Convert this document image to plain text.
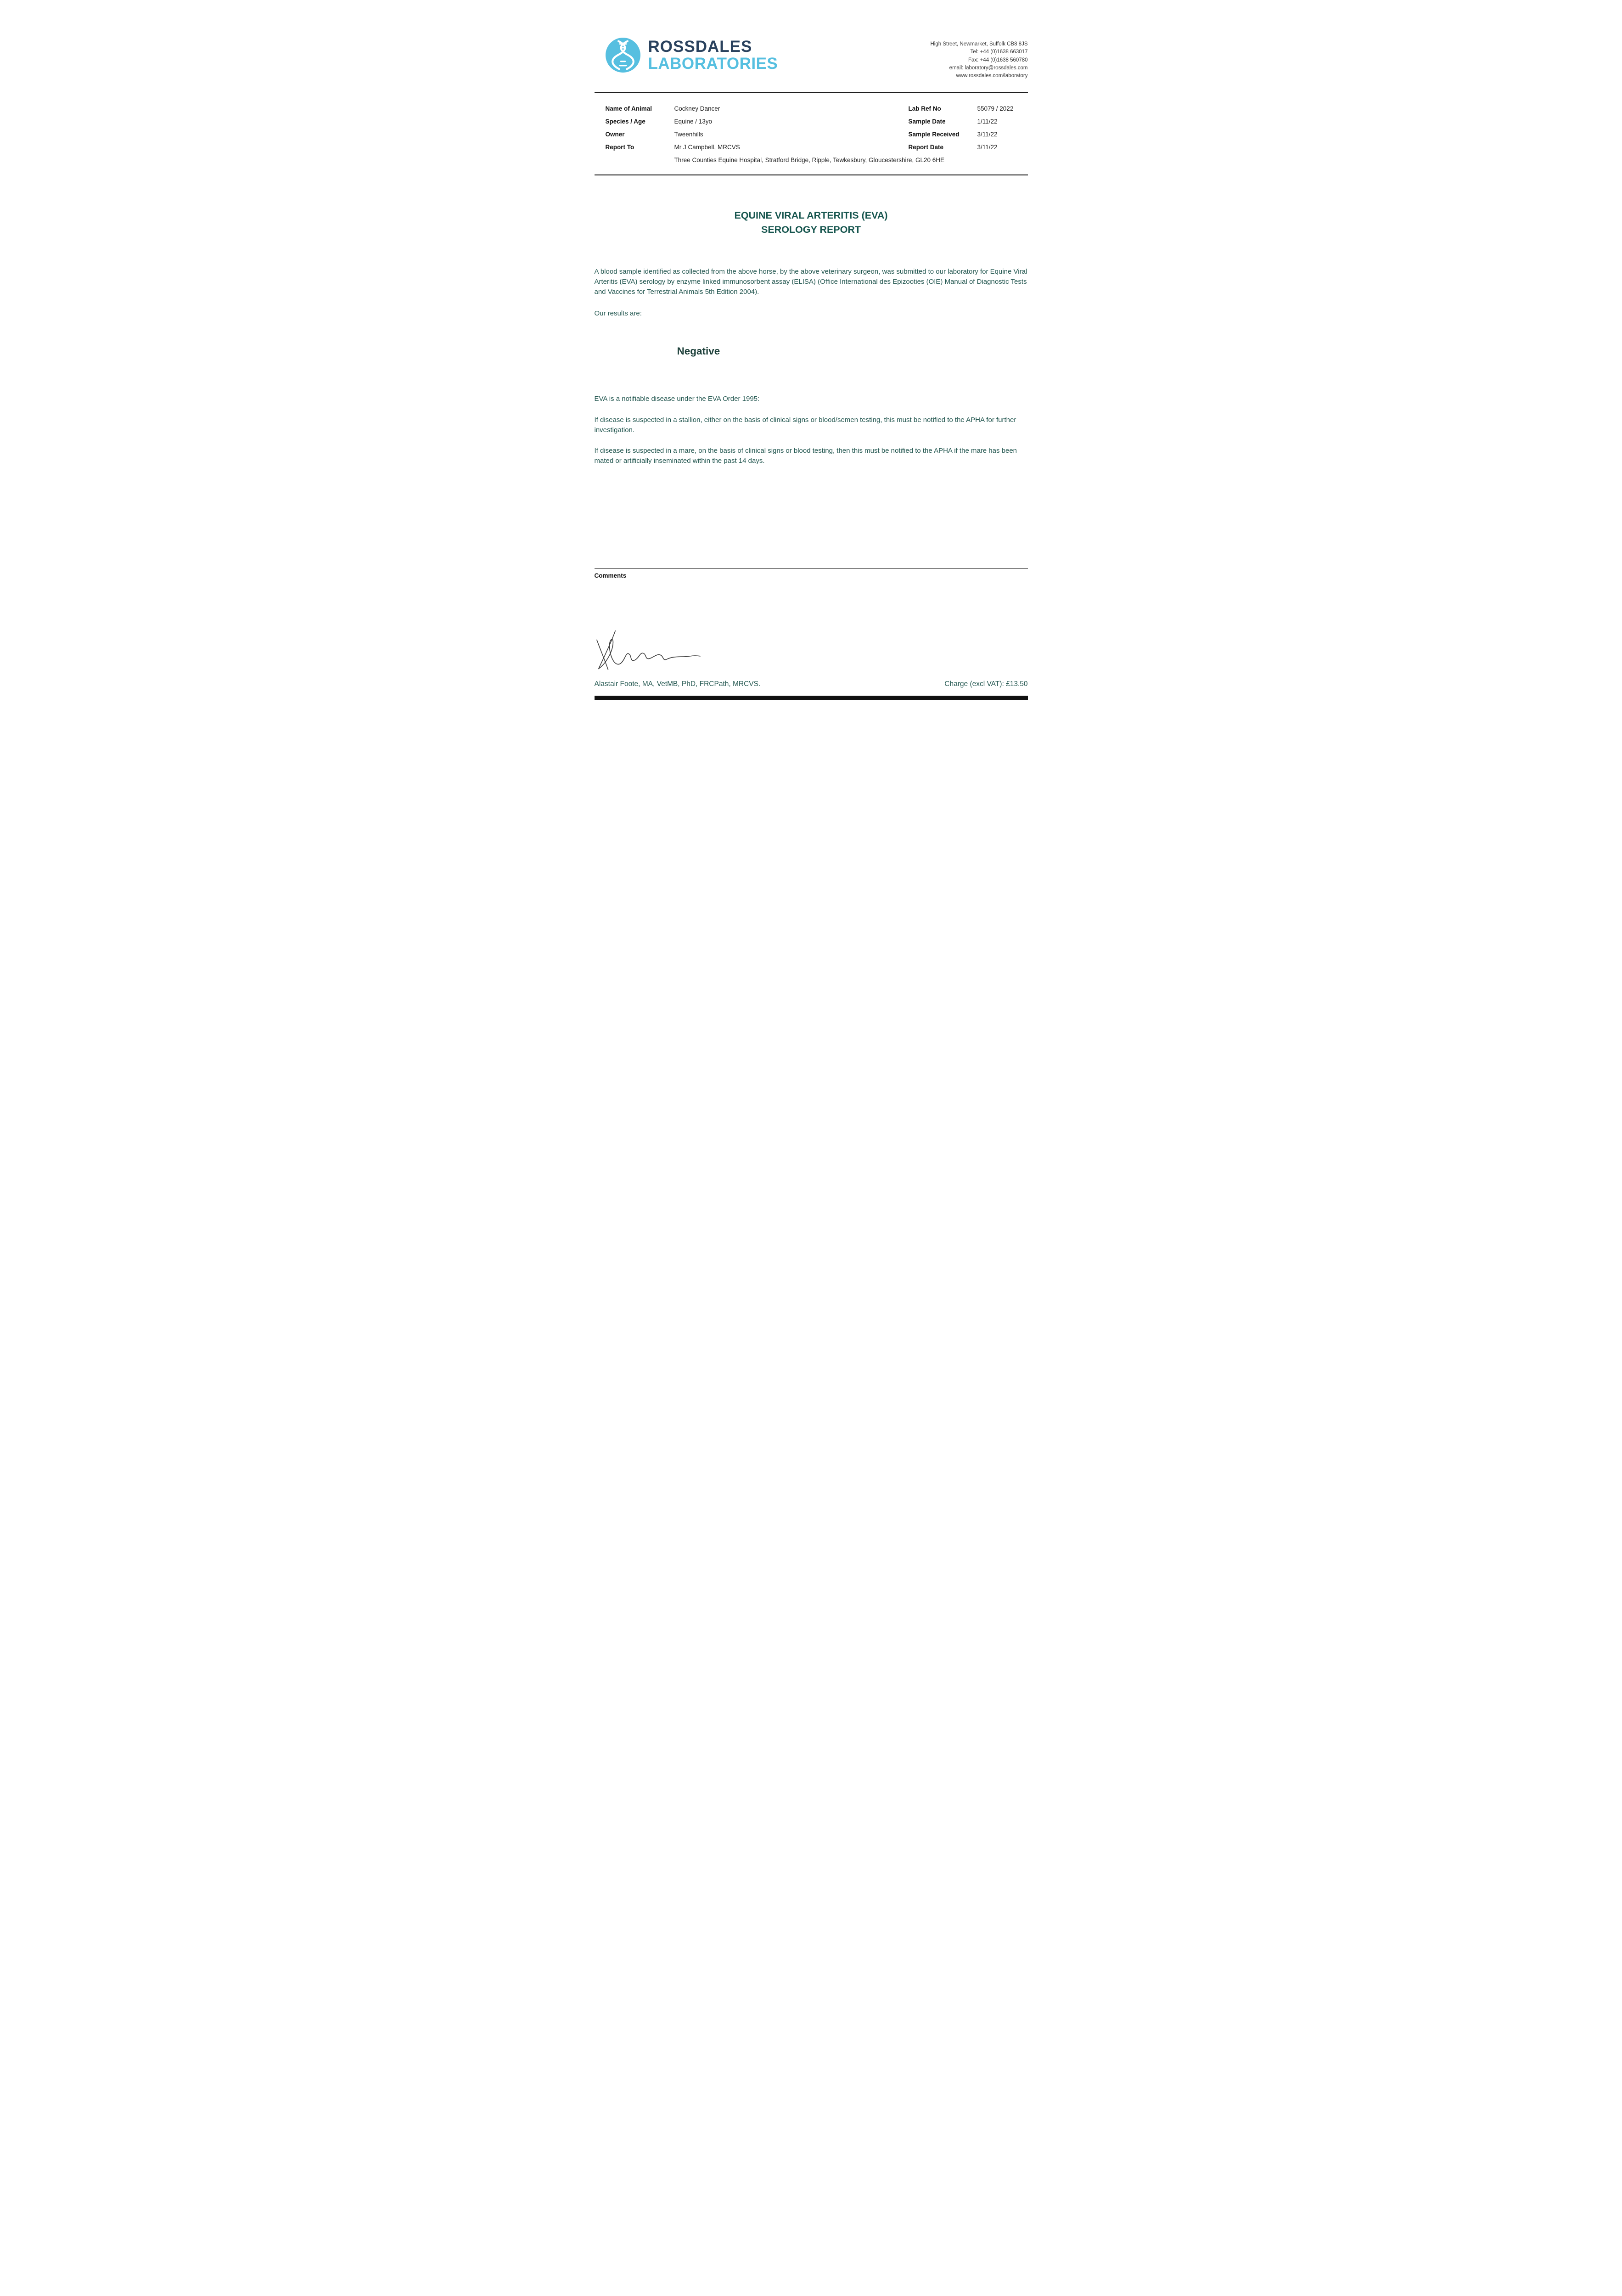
ROSSDALES
LABORATORIES
High Street, Newmarket, Suffolk CB8 8JS
Tel: +44 (0)1638 663017
Fax: +44 (0)1638 560780
email: laboratory@rossdales.com
www.rossdales.com/laboratory
Name of Animal	Cockney Dancer	Lab Ref No	55079 / 2022
Species / Age	Equine / 13yo	Sample Date	1/11/22
Owner	Tweenhills	Sample Received	3/11/22
Report To	Mr J Campbell, MRCVS	Report Date	3/11/22
Three Counties Equine Hospital, Stratford Bridge, Ripple, Tewkesbury, Gloucestershire, GL20 6HE
EQUINE VIRAL ARTERITIS (EVA)
SEROLOGY REPORT

A blood sample identified as collected from the above horse, by the above veterinary surgeon, was submitted to our laboratory for Equine Viral Arteritis (EVA) serology by enzyme linked immunosorbent assay (ELISA) (Office International des Epizooties (OIE) Manual of Diagnostic Tests and Vaccines for Terrestrial Animals 5th Edition 2004).

Our results are:

Negative

EVA is a notifiable disease under the EVA Order 1995:

If disease is suspected in a stallion, either on the basis of clinical signs or blood/semen testing, this must be notified to the APHA for further investigation.

If disease is suspected in a mare, on the basis of clinical signs or blood testing, then this must be notified to the APHA if the mare has been mated or artificially inseminated within the past 14 days.

Comments
Alastair Foote, MA, VetMB, PhD, FRCPath, MRCVS.	Charge (excl VAT): £13.50
